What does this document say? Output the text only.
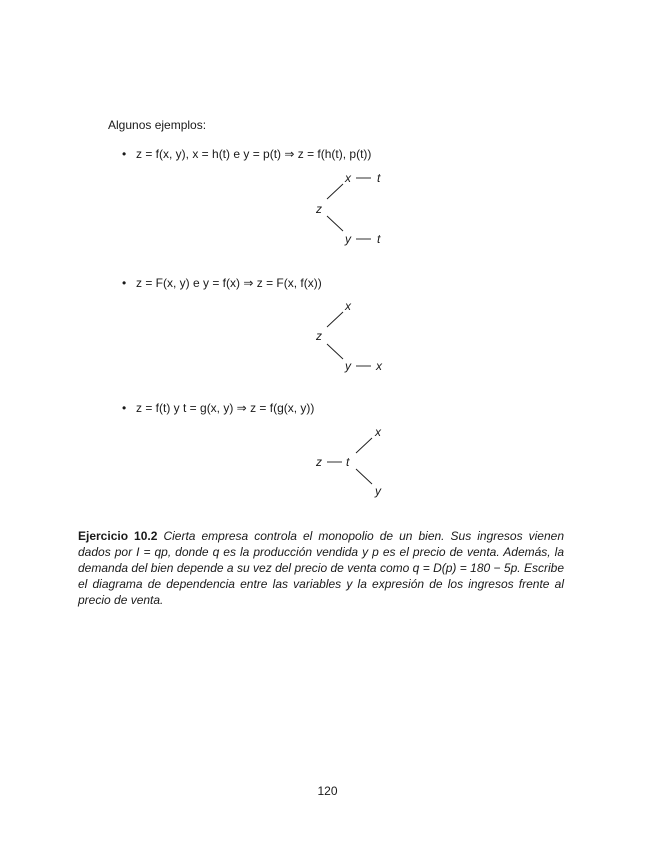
Algunos ejemplos:
• z = f(x, y), x = h(t) e y = p(t) ⇒ z = f(h(t), p(t))
• z = F(x, y) e y = f(x) ⇒ z = F(x, f(x))
• z = f(t) y t = g(x, y) ⇒ z = f(g(x, y))
z
x t
y t
z
x
y x
z t
x
y
Ejercicio 10.2 Cierta empresa controla el monopolio de un bien. Sus ingresos vienen dados por I = qp, donde q es la producción vendida y p es el precio de venta. Además, la demanda del bien depende a su vez del precio de venta como q = D(p) = 180 − 5p. Escribe el diagrama de dependencia entre las variables y la expresión de los ingresos frente al precio de venta.
120
